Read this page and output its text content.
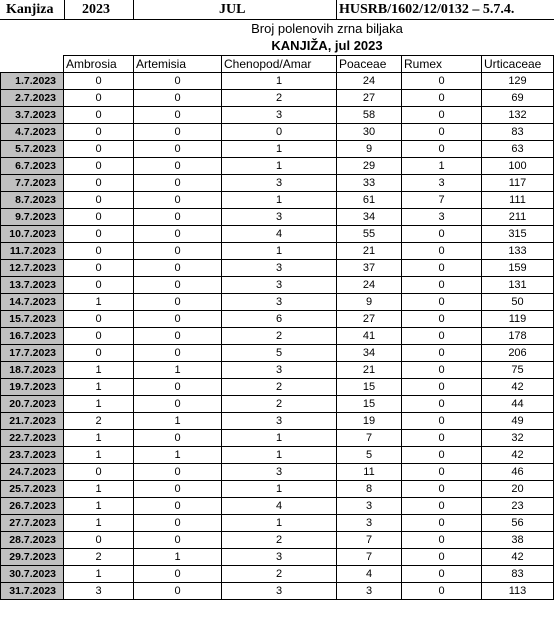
Kanjiza 2023	JUL	HUSRB/1602/12/0132 – 5.7.4.
Broj polenovih zrna biljaka
KANJIŽA, jul 2023
	Ambrosia	Artemisia	Chenopod/Amar	Poaceae	Rumex	Urticaceae
1.7.2023	0	0	1	24	0	129
2.7.2023	0	0	2	27	0	69
3.7.2023	0	0	3	58	0	132
4.7.2023	0	0	0	30	0	83
5.7.2023	0	0	1	9	0	63
6.7.2023	0	0	1	29	1	100
7.7.2023	0	0	3	33	3	117
8.7.2023	0	0	1	61	7	111
9.7.2023	0	0	3	34	3	211
10.7.2023	0	0	4	55	0	315
11.7.2023	0	0	1	21	0	133
12.7.2023	0	0	3	37	0	159
13.7.2023	0	0	3	24	0	131
14.7.2023	1	0	3	9	0	50
15.7.2023	0	0	6	27	0	119
16.7.2023	0	0	2	41	0	178
17.7.2023	0	0	5	34	0	206
18.7.2023	1	1	3	21	0	75
19.7.2023	1	0	2	15	0	42
20.7.2023	1	0	2	15	0	44
21.7.2023	2	1	3	19	0	49
22.7.2023	1	0	1	7	0	32
23.7.2023	1	1	1	5	0	42
24.7.2023	0	0	3	11	0	46
25.7.2023	1	0	1	8	0	20
26.7.2023	1	0	4	3	0	23
27.7.2023	1	0	1	3	0	56
28.7.2023	0	0	2	7	0	38
29.7.2023	2	1	3	7	0	42
30.7.2023	1	0	2	4	0	83
31.7.2023	3	0	3	3	0	113
